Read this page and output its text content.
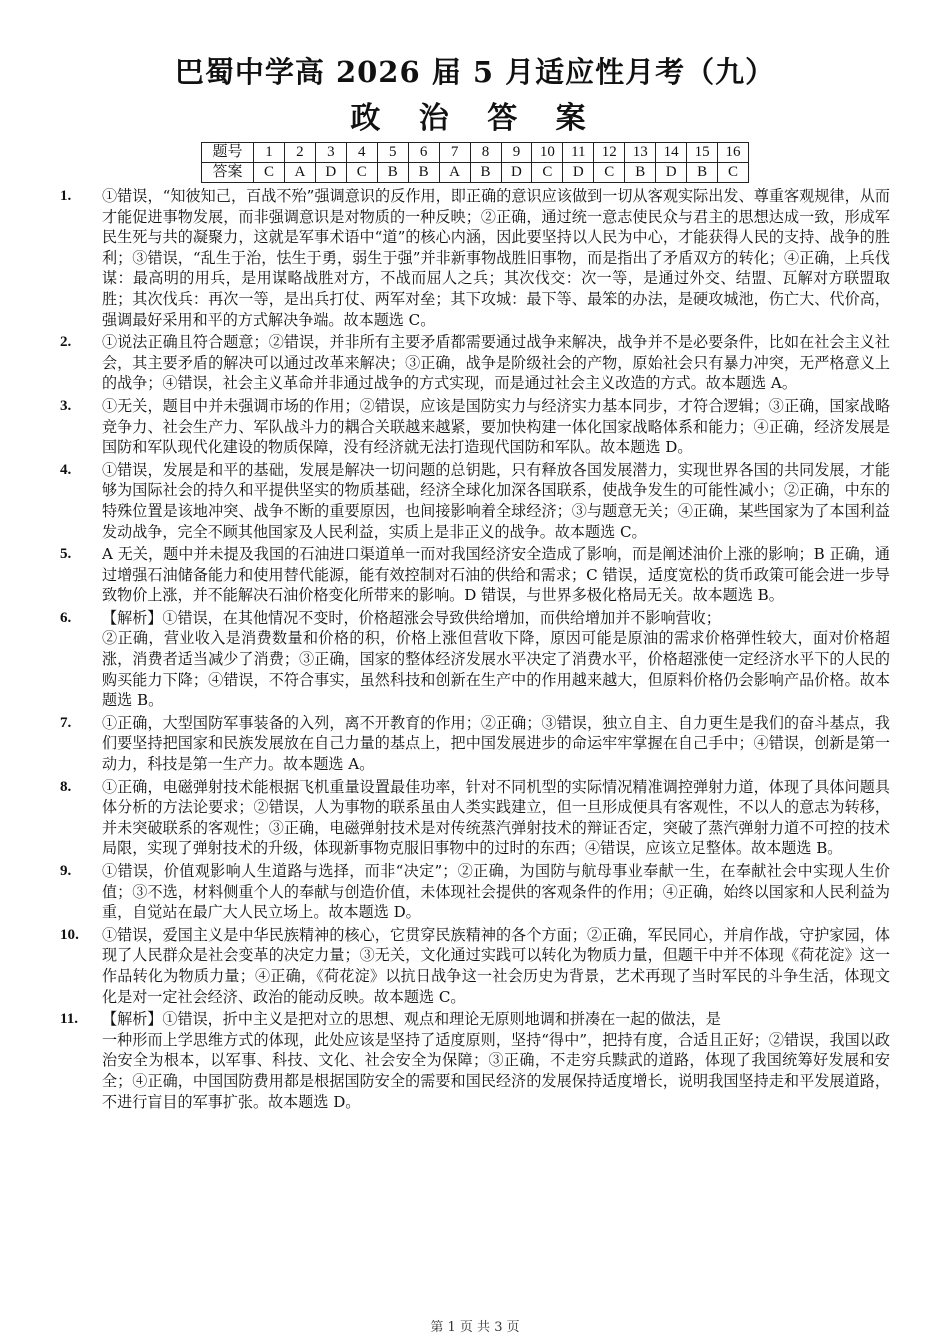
巴蜀中学高 2026 届 5 月适应性月考（九）
政 治 答 案
题号	1	2	3	4	5	6	7	8	9	10	11	12	13	14	15	16
答案	C	A	D	C	B	B	A	B	D	C	D	C	B	D	B	C
1.	①错误，“知彼知己，百战不殆”强调意识的反作用，即正确的意识应该做到一切从客观实际出发、尊重客观规律，从而才能促进事物发展，而非强调意识是对物质的一种反映；②正确，通过统一意志使民众与君主的思想达成一致，形成军民生死与共的凝聚力，这就是军事术语中“道”的核心内涵，因此要坚持以人民为中心，才能获得人民的支持、战争的胜利；③错误，“乱生于治，怯生于勇，弱生于强”并非新事物战胜旧事物，而是指出了矛盾双方的转化；④正确，上兵伐谋：最高明的用兵，是用谋略战胜对方，不战而屈人之兵；其次伐交：次一等，是通过外交、结盟、瓦解对方联盟取胜；其次伐兵：再次一等，是出兵打仗、两军对垒；其下攻城：最下等、最笨的办法，是硬攻城池，伤亡大、代价高，强调最好采用和平的方式解决争端。故本题选 C。

2.	①说法正确且符合题意；②错误，并非所有主要矛盾都需要通过战争来解决，战争并不是必要条件，比如在社会主义社会，其主要矛盾的解决可以通过改革来解决；③正确，战争是阶级社会的产物，原始社会只有暴力冲突，无严格意义上的战争；④错误，社会主义革命并非通过战争的方式实现，而是通过社会主义改造的方式。故本题选 A。

3.	①无关，题目中并未强调市场的作用；②错误，应该是国防实力与经济实力基本同步，才符合逻辑；③正确，国家战略竞争力、社会生产力、军队战斗力的耦合关联越来越紧，要加快构建一体化国家战略体系和能力；④正确，经济发展是国防和军队现代化建设的物质保障，没有经济就无法打造现代国防和军队。故本题选 D。

4.	①错误，发展是和平的基础，发展是解决一切问题的总钥匙，只有释放各国发展潜力，实现世界各国的共同发展，才能够为国际社会的持久和平提供坚实的物质基础，经济全球化加深各国联系，使战争发生的可能性减小；②正确，中东的特殊位置是该地冲突、战争不断的重要原因，也间接影响着全球经济；③与题意无关；④正确，某些国家为了本国利益发动战争，完全不顾其他国家及人民利益，实质上是非正义的战争。故本题选 C。

5.	A 无关，题中并未提及我国的石油进口渠道单一而对我国经济安全造成了影响，而是阐述油价上涨的影响；B 正确，通过增强石油储备能力和使用替代能源，能有效控制对石油的供给和需求；C 错误，适度宽松的货币政策可能会进一步导致物价上涨，并不能解决石油价格变化所带来的影响。D 错误，与世界多极化格局无关。故本题选 B。

6.	【解析】①错误，在其他情况不变时，价格超涨会导致供给增加，而供给增加并不影响营收；

②正确，营业收入是消费数量和价格的积，价格上涨但营收下降，原因可能是原油的需求价格弹性较大，面对价格超涨，消费者适当减少了消费；③正确，国家的整体经济发展水平决定了消费水平，价格超涨使一定经济水平下的人民的购买能力下降；④错误，不符合事实，虽然科技和创新在生产中的作用越来越大，但原料价格仍会影响产品价格。故本题选 B。

7.	①正确，大型国防军事装备的入列，离不开教育的作用；②正确；③错误，独立自主、自力更生是我们的奋斗基点，我们要坚持把国家和民族发展放在自己力量的基点上，把中国发展进步的命运牢牢掌握在自己手中；④错误，创新是第一动力，科技是第一生产力。故本题选 A。

8.	①正确，电磁弹射技术能根据飞机重量设置最佳功率，针对不同机型的实际情况精准调控弹射力道，体现了具体问题具体分析的方法论要求；②错误，人为事物的联系虽由人类实践建立，但一旦形成便具有客观性，不以人的意志为转移，并未突破联系的客观性；③正确，电磁弹射技术是对传统蒸汽弹射技术的辩证否定，突破了蒸汽弹射力道不可控的技术局限，实现了弹射技术的升级，体现新事物克服旧事物中的过时的东西；④错误，应该立足整体。故本题选 B。

9.	①错误，价值观影响人生道路与选择，而非“决定”；②正确，为国防与航母事业奉献一生，在奉献社会中实现人生价值；③不选，材料侧重个人的奉献与创造价值，未体现社会提供的客观条件的作用；④正确，始终以国家和人民利益为重，自觉站在最广大人民立场上。故本题选 D。

10.	①错误，爱国主义是中华民族精神的核心，它贯穿民族精神的各个方面；②正确，军民同心，并肩作战，守护家园，体现了人民群众是社会变革的决定力量；③无关，文化通过实践可以转化为物质力量，但题干中并不体现《荷花淀》这一作品转化为物质力量；④正确，《荷花淀》以抗日战争这一社会历史为背景，艺术再现了当时军民的斗争生活，体现文化是对一定社会经济、政治的能动反映。故本题选 C。

11.	【解析】①错误，折中主义是把对立的思想、观点和理论无原则地调和拼凑在一起的做法，是

一种形而上学思维方式的体现，此处应该是坚持了适度原则，坚持“得中”，把持有度，合适且正好；②错误，我国以政治安全为根本，以军事、科技、文化、社会安全为保障；③正确，不走穷兵黩武的道路，体现了我国统筹好发展和安全；④正确，中国国防费用都是根据国防安全的需要和国民经济的发展保持适度增长，说明我国坚持走和平发展道路，不进行盲目的军事扩张。故本题选 D。

第 1 页 共 3 页
